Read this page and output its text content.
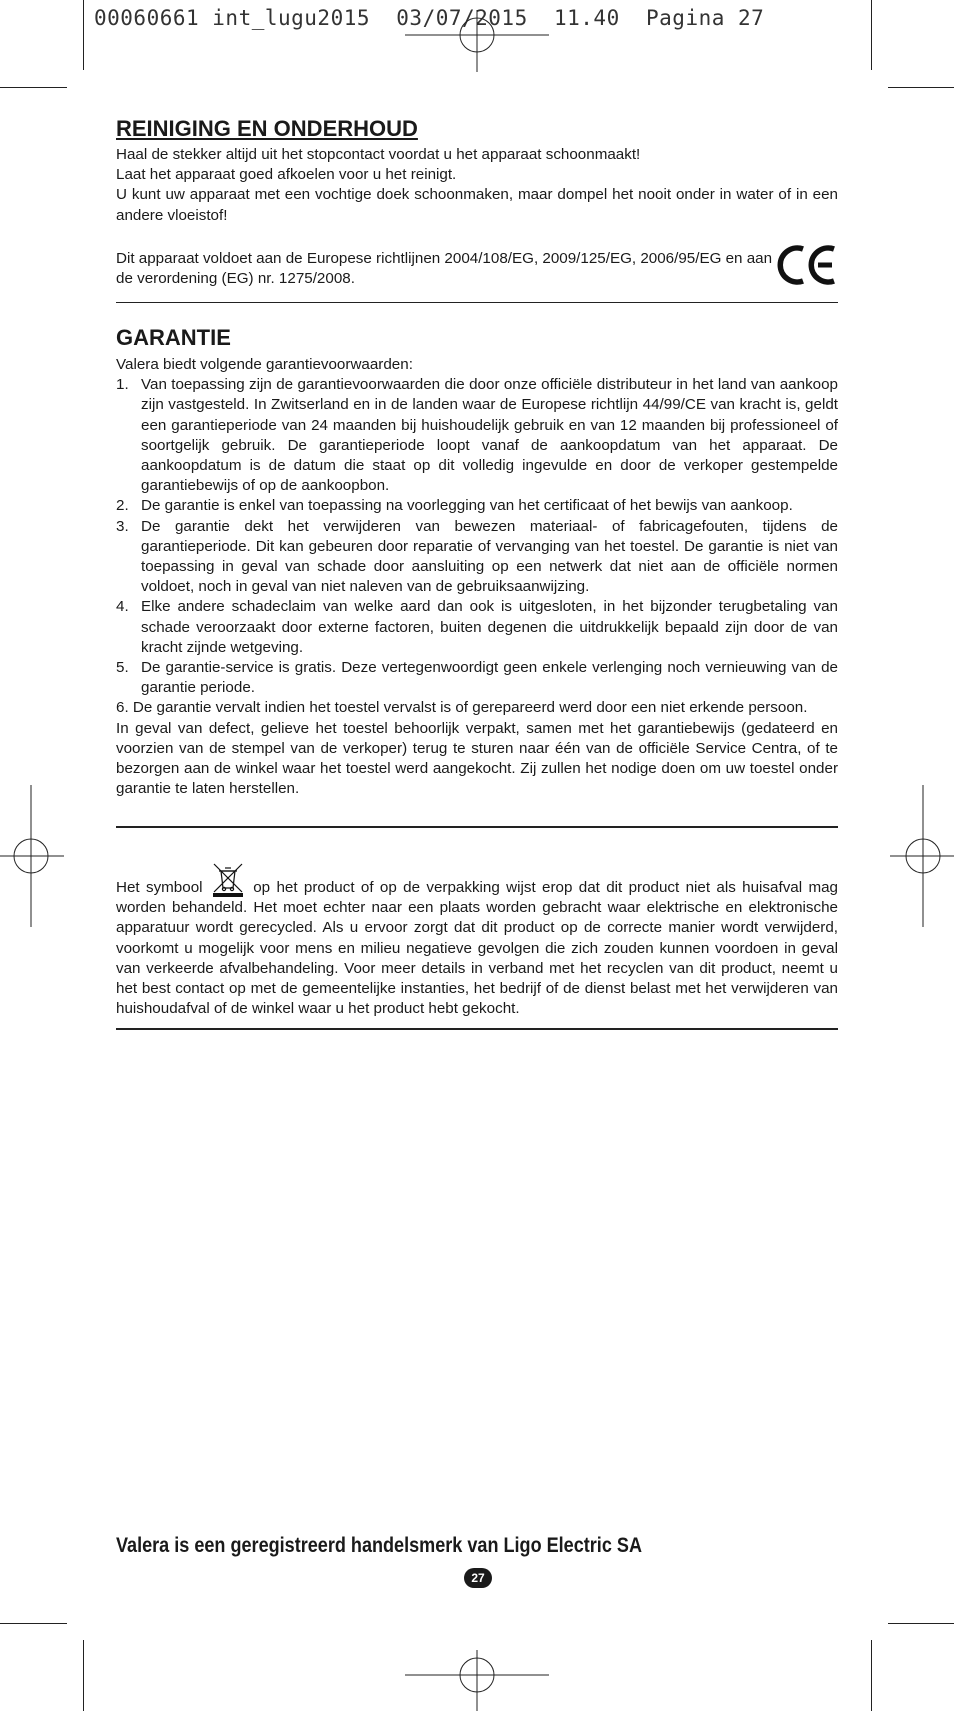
00060661 int_lugu2015  03/07/2015  11.40  Pagina 27
REINIGING EN ONDERHOUD

Haal de stekker altijd uit het stopcontact voordat u het apparaat schoonmaakt!

Laat het apparaat goed afkoelen voor u het reinigt.

U kunt uw apparaat met een vochtige doek schoonmaken, maar dompel het nooit onder in water of in een andere vloeistof!

Dit apparaat voldoet aan de Europese richtlijnen 2004/108/EG, 2009/125/EG, 2006/95/EG en aan de verordening (EG) nr. 1275/2008.
CE
GARANTIE

Valera biedt volgende garantievoorwaarden:

1. Van toepassing zijn de garantievoorwaarden die door onze officiële distributeur in het land van aankoop zijn vastgesteld. In Zwitserland en in de landen waar de Europese richtlijn 44/99/CE van kracht is, geldt een garantieperiode van 24 maanden bij huishoudelijk gebruik en van 12 maanden bij professioneel of soortgelijk gebruik. De garantieperiode loopt vanaf de aankoopdatum van het apparaat. De aankoopdatum is de datum die staat op dit volledig ingevulde en door de verkoper gestempelde garantiebewijs of op de aankoopbon.
2. De garantie is enkel van toepassing na voorlegging van het certificaat of het bewijs van aankoop.
3. De garantie dekt het verwijderen van bewezen materiaal- of fabricagefouten, tijdens de garantieperiode. Dit kan gebeuren door reparatie of vervanging van het toestel. De garantie is niet van toepassing in geval van schade door aansluiting op een netwerk dat niet aan de officiële normen voldoet, noch in geval van niet naleven van de gebruiksaanwijzing.
4. Elke andere schadeclaim van welke aard dan ook is uitgesloten, in het bijzonder terugbetaling van schade veroorzaakt door externe factoren, buiten degenen die uitdrukkelijk bepaald zijn door de van kracht zijnde wetgeving.
5. De garantie-service is gratis. Deze vertegenwoordigt geen enkele verlenging noch vernieuwing van de garantie periode.

6. De garantie vervalt indien het toestel vervalst is of gerepareerd werd door een niet erkende persoon.

In geval van defect, gelieve het toestel behoorlijk verpakt, samen met het garantiebewijs (gedateerd en voorzien van de stempel van de verkoper) terug te sturen naar één van de officiële Service Centra, of te bezorgen aan de winkel waar het toestel werd aangekocht. Zij zullen het nodige doen om uw toestel onder garantie te laten herstellen.

Het symbool	op het product of op de verpakking wijst erop dat dit product niet als huisafval mag worden behandeld. Het moet echter naar een plaats worden gebracht waar elektrische en elektronische apparatuur wordt gerecycled. Als u ervoor zorgt dat dit product op de correcte manier wordt verwijderd, voorkomt u mogelijk voor mens en milieu negatieve gevolgen die zich zouden kunnen voordoen in geval van verkeerde afvalbehandeling. Voor meer details in verband met het recyclen van dit product, neemt u het best contact op met de gemeentelijke instanties, het bedrijf of de dienst belast met het verwijderen van huishoudafval of de winkel waar u het product hebt gekocht.

Valera is een geregistreerd handelsmerk van Ligo Electric SA
27
